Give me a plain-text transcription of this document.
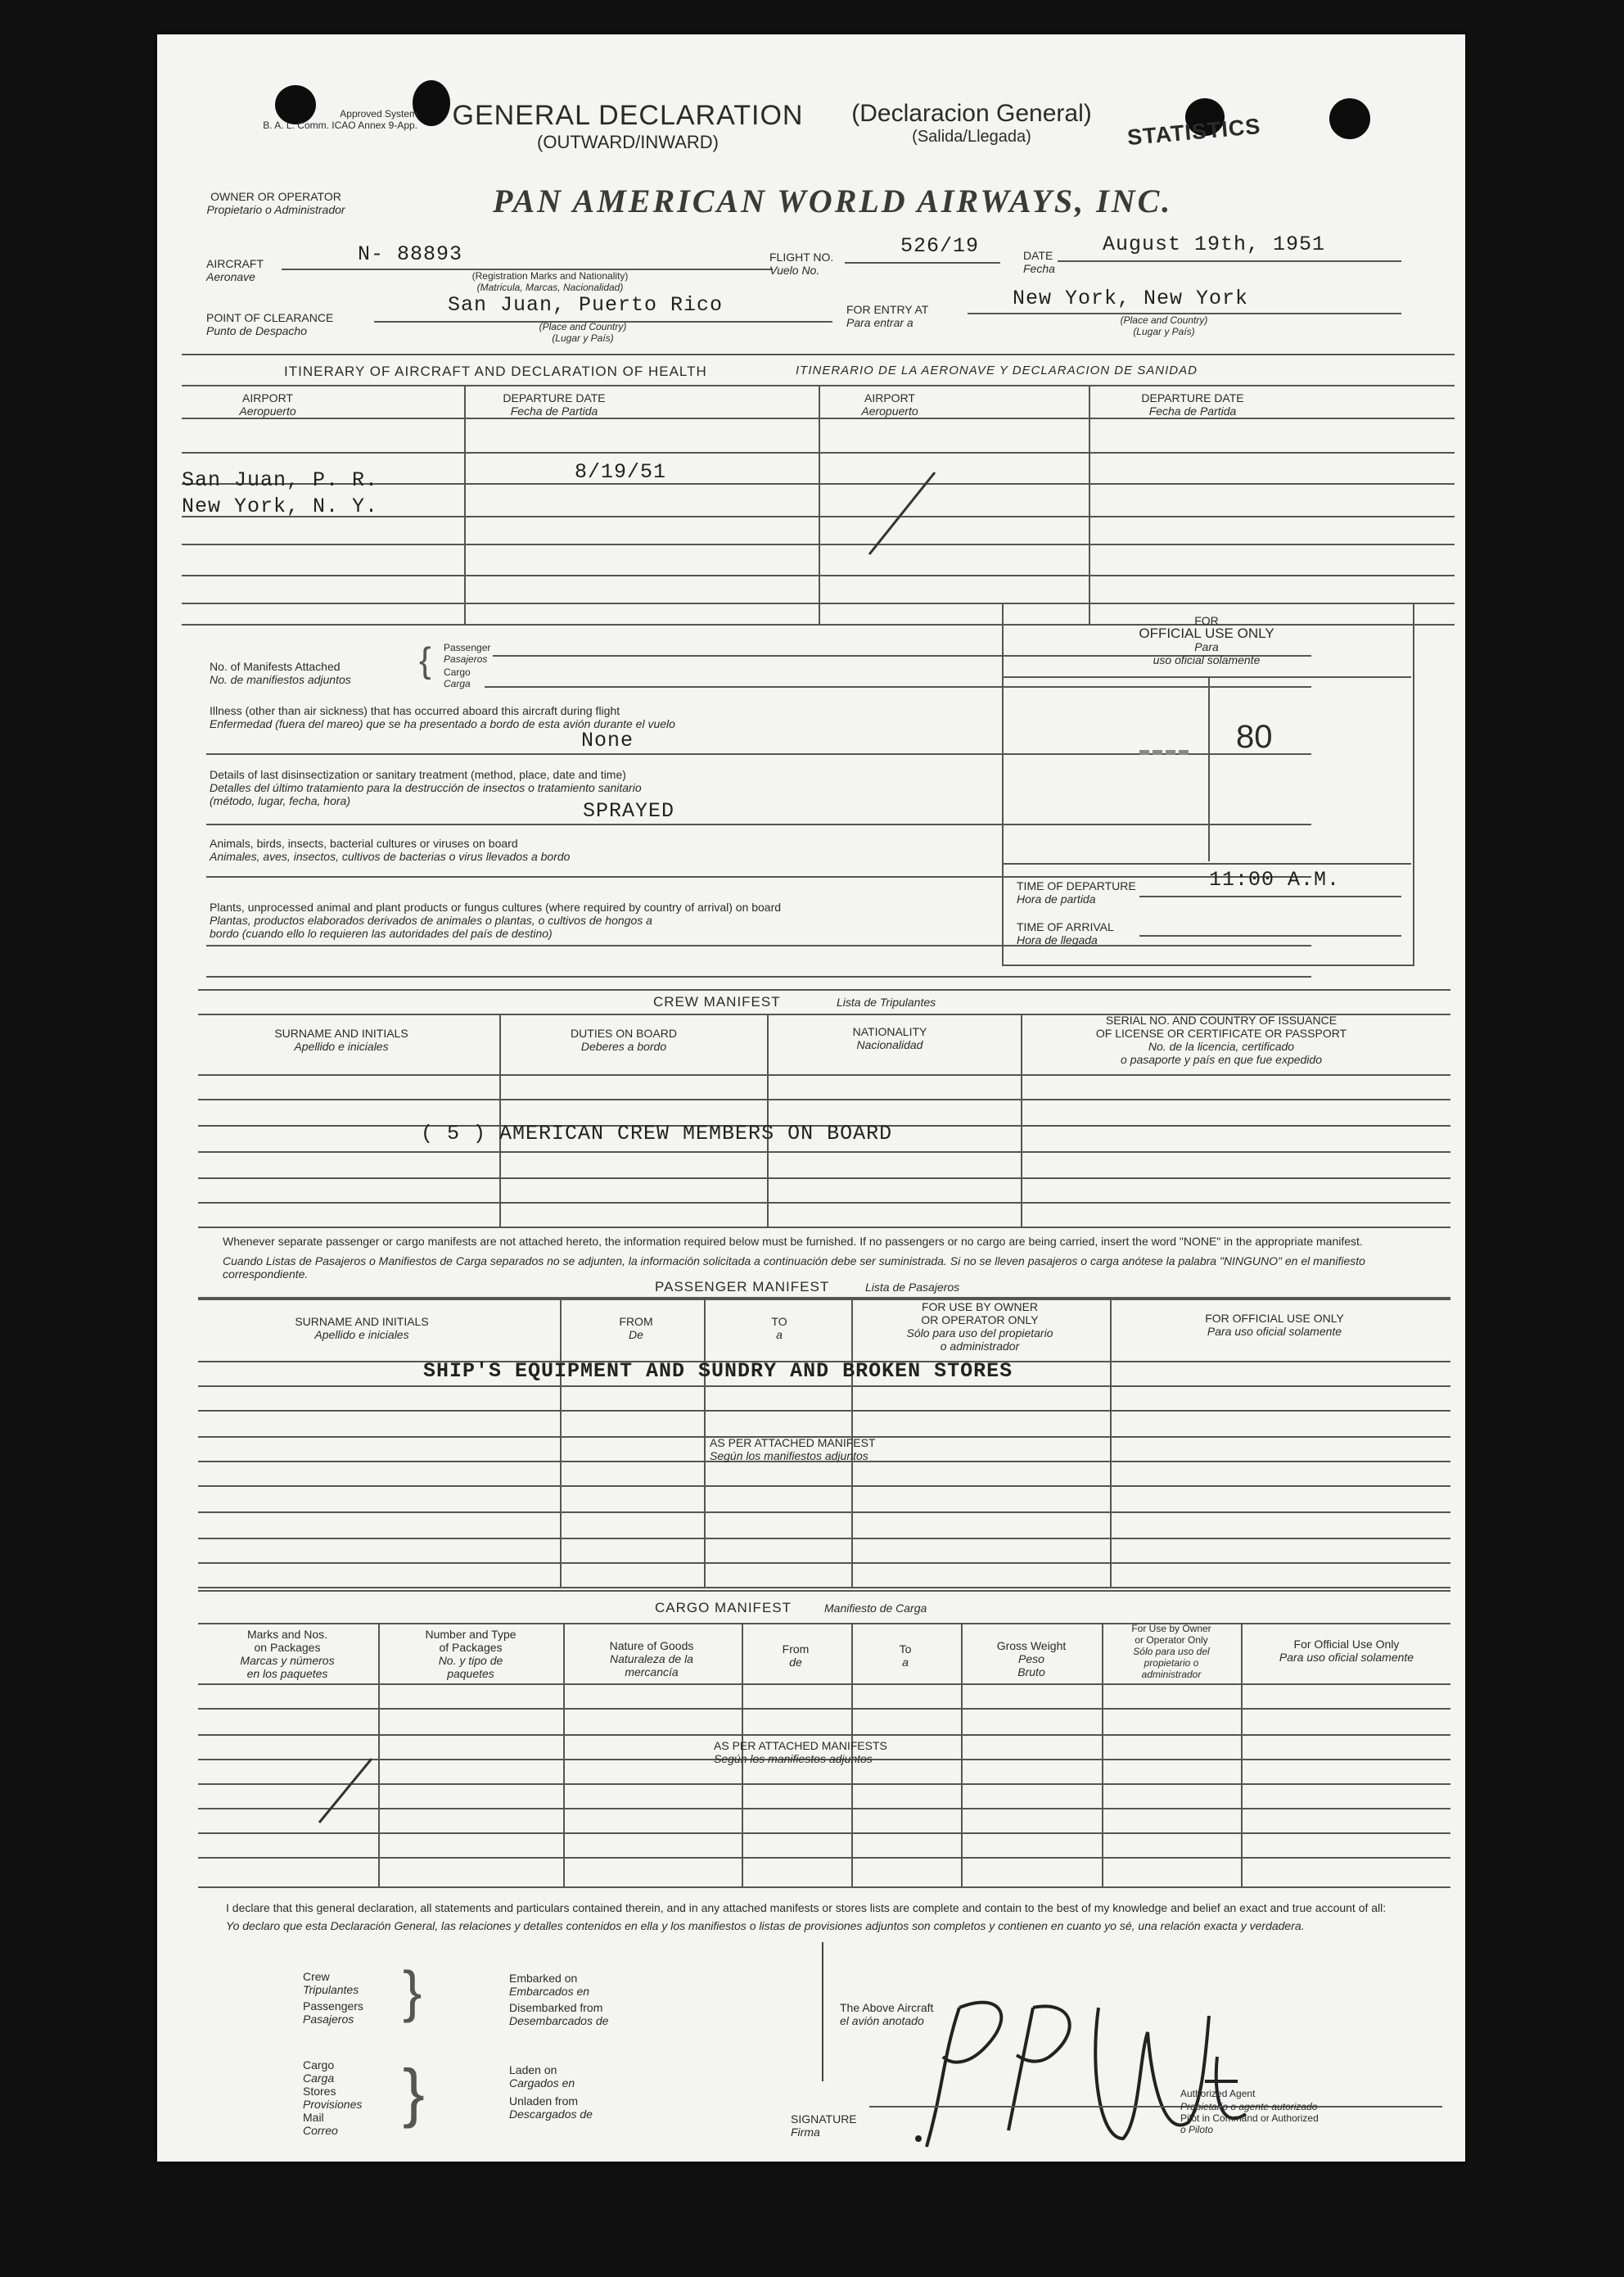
Approved System
B. A. L. Comm. ICAO Annex 9-App. GENERAL DECLARATION
(OUTWARD/INWARD)
(Declaracion General)
(Salida/Llegada)	STATISTICS
OWNER OR OPERATOR
Propietario o Administrador	PAN AMERICAN WORLD AIRWAYS, INC.
AIRCRAFT
Aeronave
N- 88893
(Registration Marks and Nationality)
(Matricula, Marcas, Nacionalidad)
FLIGHT NO.
Vuelo No.
526/19	DATE
Fecha
August 19th, 1951
POINT OF CLEARANCE
Punto de Despacho
San Juan, Puerto Rico
(Place and Country)
(Lugar y País)
FOR ENTRY AT
Para entrar a
New York, New York
(Place and Country)
(Lugar y País)
ITINERARY OF AIRCRAFT AND DECLARATION OF HEALTH	ITINERARIO DE LA AERONAVE Y DECLARACION DE SANIDAD
AIRPORT
Aeropuerto
DEPARTURE DATE
Fecha de Partida
AIRPORT
Aeropuerto
DEPARTURE DATE
Fecha de Partida
San Juan, P. R.	8/19/51
New York, N. Y.
No. of Manifests Attached
No. de manifiestos adjuntos { Passenger
Pasajeros
Cargo
Carga
Illness (other than air sickness) that has occurred aboard this aircraft during flight
Enfermedad (fuera del mareo) que se ha presentado a bordo de esta avión durante el vuelo
None
Details of last disinsectization or sanitary treatment (method, place, date and time)
Detalles del último tratamiento para la destrucción de insectos o tratamiento sanitario
(método, lugar, fecha, hora)	SPRAYED
Animals, birds, insects, bacterial cultures or viruses on board
Animales, aves, insectos, cultivos de bacterias o virus llevados a bordo
Plants, unprocessed animal and plant products or fungus cultures (where required by country of arrival) on board
Plantas, productos elaborados derivados de animales o plantas, o cultivos de hongos a
bordo (cuando ello lo requieren las autoridades del país de destino)
FOR
OFFICIAL USE ONLY
Para
uso oficial solamente
80
TIME OF DEPARTURE
Hora de partida
11:00 A.M.
TIME OF ARRIVAL
Hora de llegada
CREW MANIFEST	Lista de Tripulantes
SURNAME AND INITIALS
Apellido e iniciales
DUTIES ON BOARD
Deberes a bordo
NATIONALITY
Nacionalidad
SERIAL NO. AND COUNTRY OF ISSUANCE
OF LICENSE OR CERTIFICATE OR PASSPORT
No. de la licencia, certificado
o pasaporte y país en que fue expedido
( 5 ) AMERICAN CREW MEMBERS ON BOARD
Whenever separate passenger or cargo manifests are not attached hereto, the information required below must be furnished. If no passengers or no cargo are being carried, insert the word "NONE" in the appropriate manifest.
Cuando Listas de Pasajeros o Manifiestos de Carga separados no se adjunten, la información solicitada a continuación debe ser suministrada. Si no se lleven pasajeros o carga anótese la palabra "NINGUNO" en el manifiesto correspondiente.
PASSENGER MANIFEST	Lista de Pasajeros
SURNAME AND INITIALS
Apellido e iniciales
FROM
De
TO
a
FOR USE BY OWNER
OR OPERATOR ONLY
Sólo para uso del propietario
o administrador
FOR OFFICIAL USE ONLY
Para uso oficial solamente
SHIP'S EQUIPMENT AND SUNDRY AND BROKEN STORES
AS PER ATTACHED MANIFEST
Según los manifiestos adjuntos
CARGO MANIFEST	Manifiesto de Carga
Marks and Nos.
on Packages
Marcas y números
en los paquetes
Number and Type
of Packages
No. y tipo de
paquetes
Nature of Goods
Naturaleza de la
mercancía
From
de
To
a
Gross Weight
Peso
Bruto
For Use by Owner
or Operator Only
Sólo para uso del
propietario o
administrador
For Official Use Only
Para uso oficial solamente
AS PER ATTACHED MANIFESTS
Según los manifiestos adjuntos
I declare that this general declaration, all statements and particulars contained therein, and in any attached manifests or stores lists are complete and contain to the best of my knowledge and belief an exact and true account of all:
Yo declaro que esta Declaración General, las relaciones y detalles contenidos en ella y los manifiestos o listas de provisiones adjuntos son completos y contienen en cuanto yo sé, una relación exacta y verdadera.
Crew
Tripulantes
Passengers
Pasajeros }	Embarked on
Embarcados en
Disembarked from
Desembarcados de
Cargo
Carga
Stores
Provisiones
Mail
Correo
}	Laden on
Cargados en
Unladen from
Descargados de
The Above Aircraft
el avión anotado
SIGNATURE
Firma
Propietario o agente autorizado
Pilot in Command or Authorized
o Piloto
Authorized Agent
